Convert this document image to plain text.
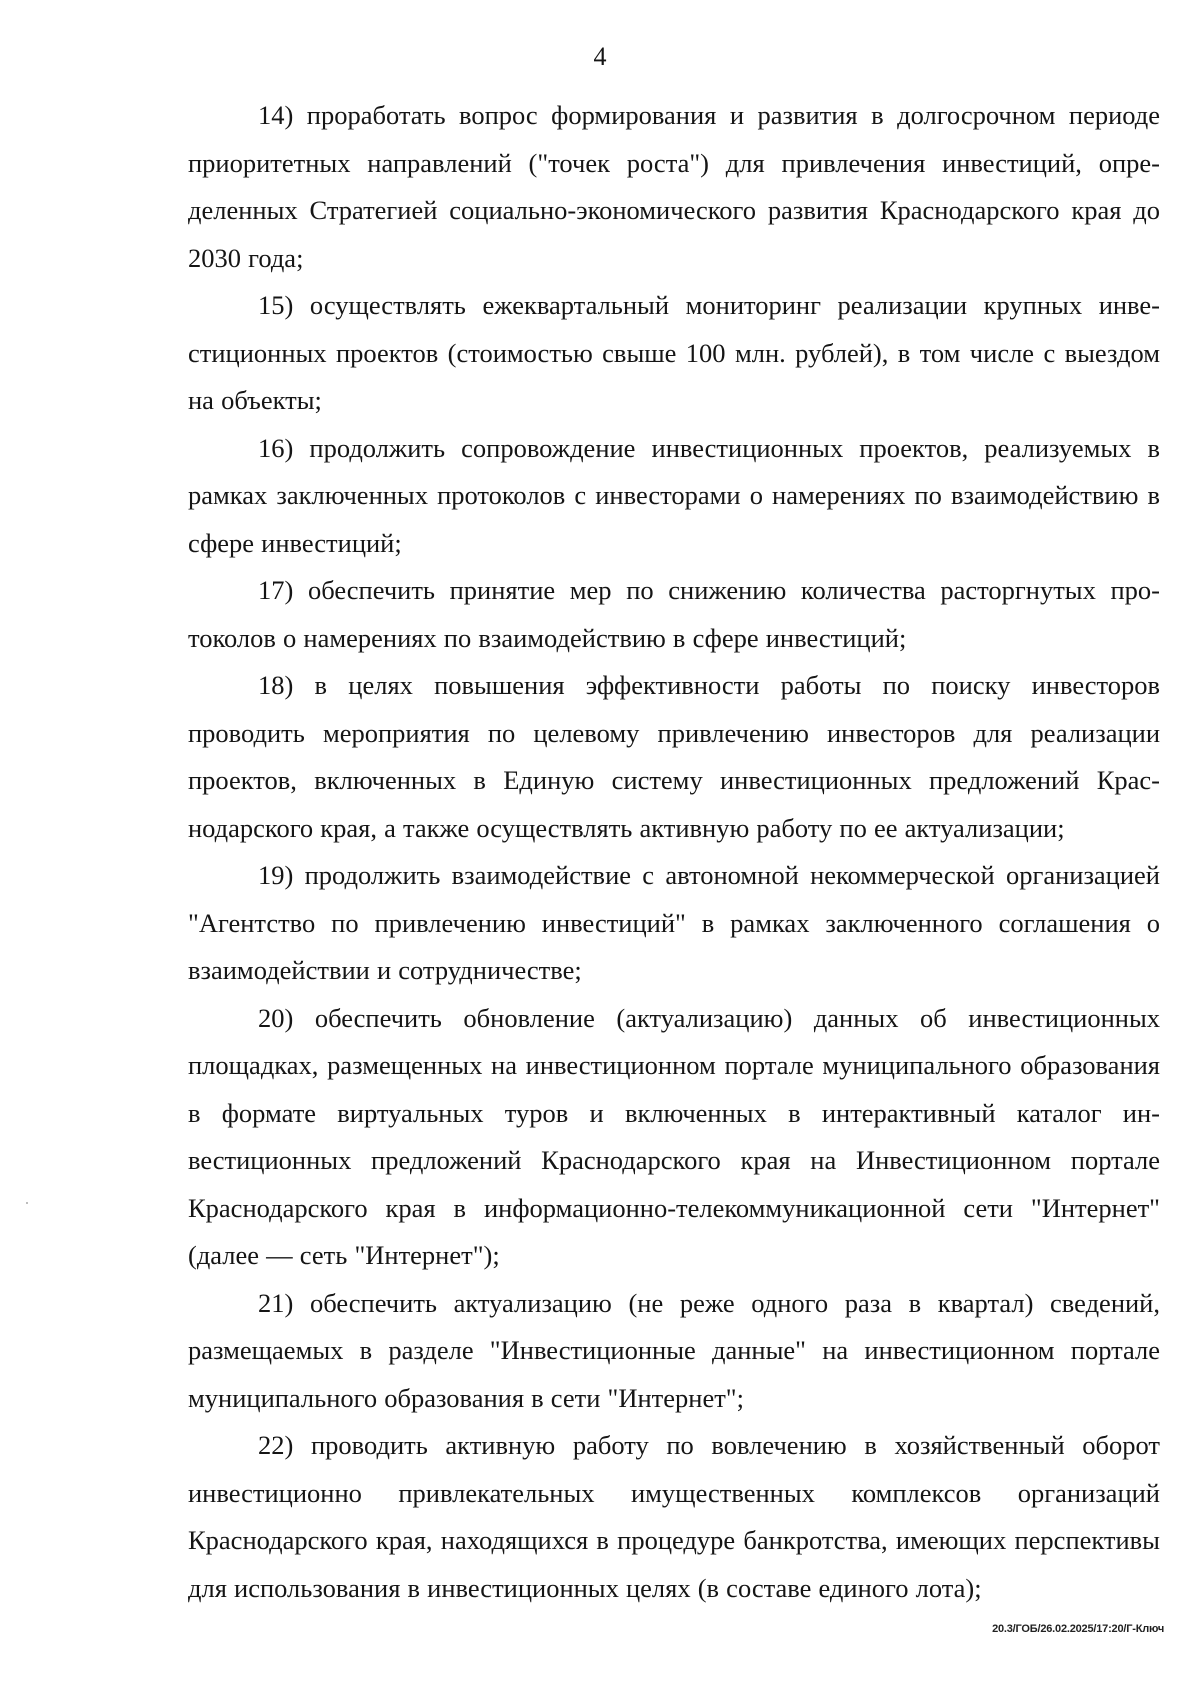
4

14) проработать вопрос формирования и развития в долгосрочном периоде приоритетных направлений ("точек роста") для привлечения инвестиций, определенных Стратегией социально-экономического развития Краснодарского края до 2030 года;

15) осуществлять ежеквартальный мониторинг реализации крупных инвестиционных проектов (стоимостью свыше 100 млн. рублей), в том числе с выездом на объекты;

16) продолжить сопровождение инвестиционных проектов, реализуемых в рамках заключенных протоколов с инвесторами о намерениях по взаимодействию в сфере инвестиций;

17) обеспечить принятие мер по снижению количества расторгнутых протоколов о намерениях по взаимодействию в сфере инвестиций;

18) в целях повышения эффективности работы по поиску инвесторов проводить мероприятия по целевому привлечению инвесторов для реализации проектов, включенных в Единую систему инвестиционных предложений Краснодарского края, а также осуществлять активную работу по ее актуализации;

19) продолжить взаимодействие с автономной некоммерческой организацией "Агентство по привлечению инвестиций" в рамках заключенного соглашения о взаимодействии и сотрудничестве;

20) обеспечить обновление (актуализацию) данных об инвестиционных площадках, размещенных на инвестиционном портале муниципального образования в формате виртуальных туров и включенных в интерактивный каталог инвестиционных предложений Краснодарского края на Инвестиционном портале Краснодарского края в информационно-телекоммуникационной сети "Интернет" (далее — сеть "Интернет");

21) обеспечить актуализацию (не реже одного раза в квартал) сведений, размещаемых в разделе "Инвестиционные данные" на инвестиционном портале муниципального образования в сети "Интернет";

22) проводить активную работу по вовлечению в хозяйственный оборот инвестиционно привлекательных имущественных комплексов организаций Краснодарского края, находящихся в процедуре банкротства, имеющих перспективы для использования в инвестиционных целях (в составе единого лота);

20.3/ГОБ/26.02.2025/17:20/Г-Ключ
